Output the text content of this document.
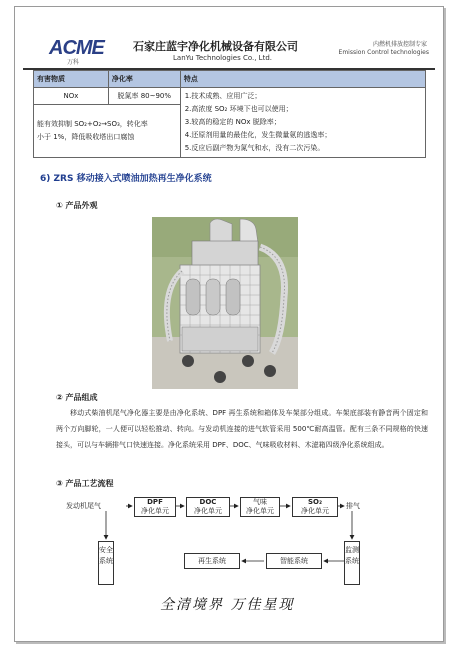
ACME
万科
石家庄蓝宇净化机械设备有限公司
LanYu Technologies Co., Ltd.
内燃机排放控制专家
Emission Control technologies
有害物质	净化率	特点
NOx	脱氮率 80~90%	1.技术成熟、应用广泛；
2.高浓度 SO₂ 环境下也可以使用；
3.较高的稳定的 NOx 脱除率；
4.还原剂用量的最佳化，发生微量氨的逃逸率；
5.反应后副产物为氮气和水，没有二次污染。

能有效抑制 SO₂+O₂→SO₃，转化率
小于 1%，降低吸收塔出口腐蚀		
6) ZRS 移动接入式喷油加热再生净化系统
① 产品外观
② 产品组成

移动式柴油机尾气净化器主要是由净化系统、DPF 再生系统和箱体及车架部分组成。车架底部装有静音两个固定和两个万向脚轮，一人便可以轻松推动、转向。与发动机连接的进气软管采用 500℃耐高温管。配有三条不同规格的快速接头，可以与车辆排气口快速连接。净化系统采用 DPF、DOC、气味吸收材料、木滤箱四级净化系统组成。

③ 产品工艺流程
发动机尾气	DPF
净化单元
DOC
净化单元
气味
净化单元
SO₂
净化单元
排气
安全系统
监测系统
智能系统
再生系统
全清境界 万佳星现
